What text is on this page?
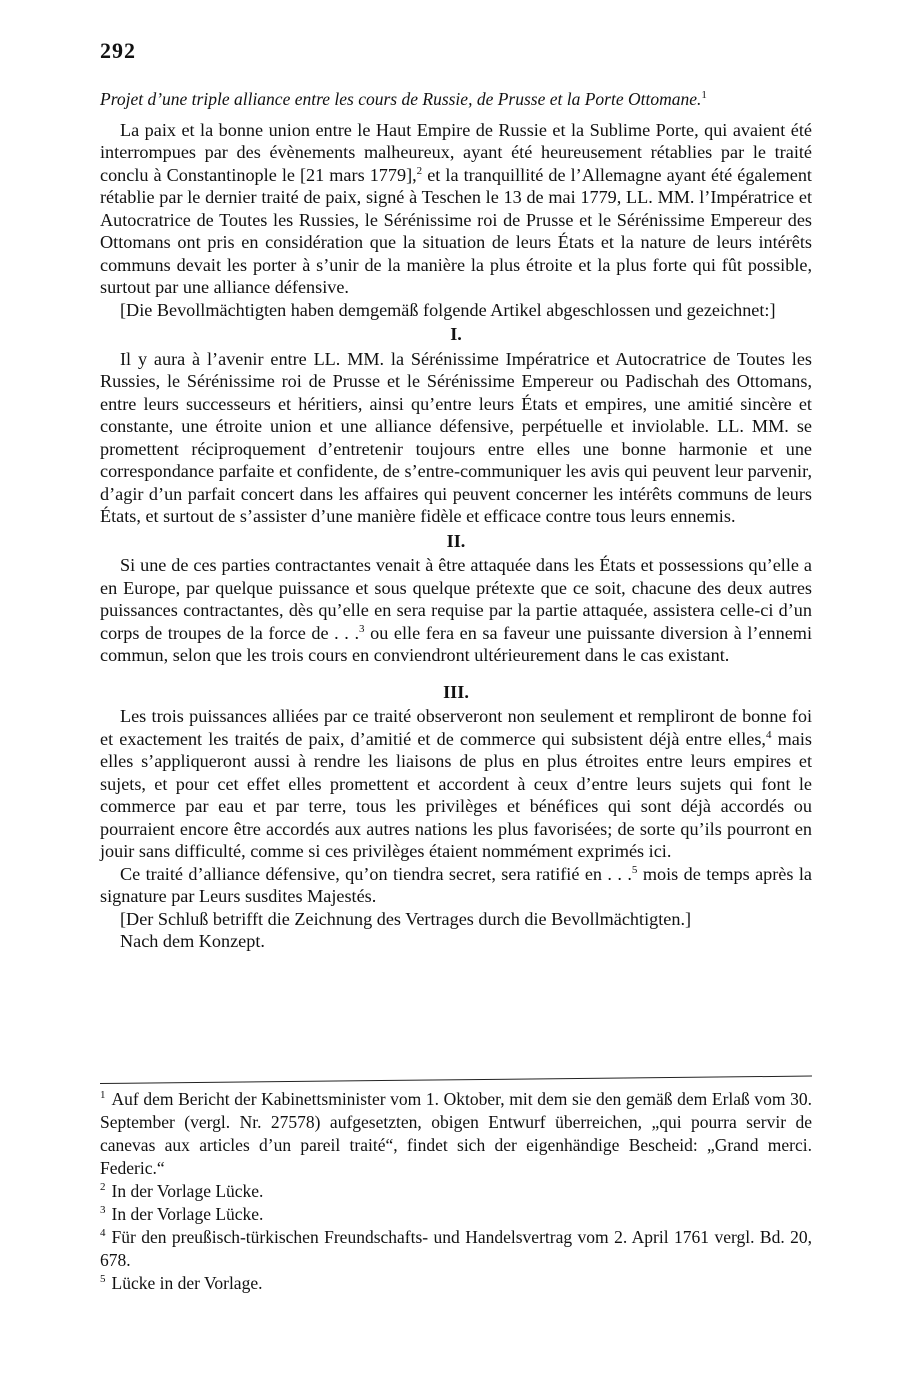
292
Projet d’une triple alliance entre les cours de Russie, de Prusse et la Porte Ottomane.$^1$

La paix et la bonne union entre le Haut Empire de Russie et la Sublime Porte, qui avaient été interrompues par des évènements malheureux, ayant été heureusement rétablies par le traité conclu à Constantinople le [21 mars 1779],$^2$ et la tranquillité de l’Allemagne ayant été également rétablie par le dernier traité de paix, signé à Teschen le 13 de mai 1779, LL. MM. l’Impératrice et Autocratrice de Toutes les Russies, le Sérénissime roi de Prusse et le Sérénissime Empereur des Ottomans ont pris en considération que la situation de leurs États et la nature de leurs intérêts communs devait les porter à s’unir de la manière la plus étroite et la plus forte qui fût possible, surtout par une alliance défensive.

[Die Bevollmächtigten haben demgemäß folgende Artikel abgeschlossen und gezeichnet:]

I.

Il y aura à l’avenir entre LL. MM. la Sérénissime Impératrice et Autocratrice de Toutes les Russies, le Sérénissime roi de Prusse et le Sérénissime Empereur ou Padischah des Ottomans, entre leurs successeurs et héritiers, ainsi qu’entre leurs États et empires, une amitié sincère et constante, une étroite union et une alliance défensive, perpétuelle et inviolable. LL. MM. se promettent réciproquement d’entretenir toujours entre elles une bonne harmonie et une correspondance parfaite et confidente, de s’entre-communiquer les avis qui peuvent leur parvenir, d’agir d’un parfait concert dans les affaires qui peuvent concerner les intérêts communs de leurs États, et surtout de s’assister d’une manière fidèle et efficace contre tous leurs ennemis.

II.

Si une de ces parties contractantes venait à être attaquée dans les États et possessions qu’elle a en Europe, par quelque puissance et sous quelque prétexte que ce soit, chacune des deux autres puissances contractantes, dès qu’elle en sera requise par la partie attaquée, assistera celle-ci d’un corps de troupes de la force de . . .$^3$ ou elle fera en sa faveur une puissante diversion à l’ennemi commun, selon que les trois cours en conviendront ultérieurement dans le cas existant.

III.

Les trois puissances alliées par ce traité observeront non seulement et rempliront de bonne foi et exactement les traités de paix, d’amitié et de commerce qui subsistent déjà entre elles,$^4$ mais elles s’appliqueront aussi à rendre les liaisons de plus en plus étroites entre leurs empires et sujets, et pour cet effet elles promettent et accordent à ceux d’entre leurs sujets qui font le commerce par eau et par terre, tous les privilèges et bénéfices qui sont déjà accordés ou pourraient encore être accordés aux autres nations les plus favorisées; de sorte qu’ils pourront en jouir sans difficulté, comme si ces privilèges étaient nommément exprimés ici.

Ce traité d’alliance défensive, qu’on tiendra secret, sera ratifié en . . .$^5$ mois de temps après la signature par Leurs susdites Majestés.

[Der Schluß betrifft die Zeichnung des Vertrages durch die Bevollmächtigten.]

Nach dem Konzept.

$^1$ Auf dem Bericht der Kabinettsminister vom 1. Oktober, mit dem sie den gemäß dem Erlaß vom 30. September (vergl. Nr. 27578) aufgesetzten, obigen Entwurf überreichen, „qui pourra servir de canevas aux articles d’un pareil traité“, findet sich der eigenhändige Bescheid: „Grand merci. Federic.“

$^2$ In der Vorlage Lücke.

$^3$ In der Vorlage Lücke.

$^4$ Für den preußisch-türkischen Freundschafts- und Handelsvertrag vom 2. April 1761 vergl. Bd. 20, 678.

$^5$ Lücke in der Vorlage.
